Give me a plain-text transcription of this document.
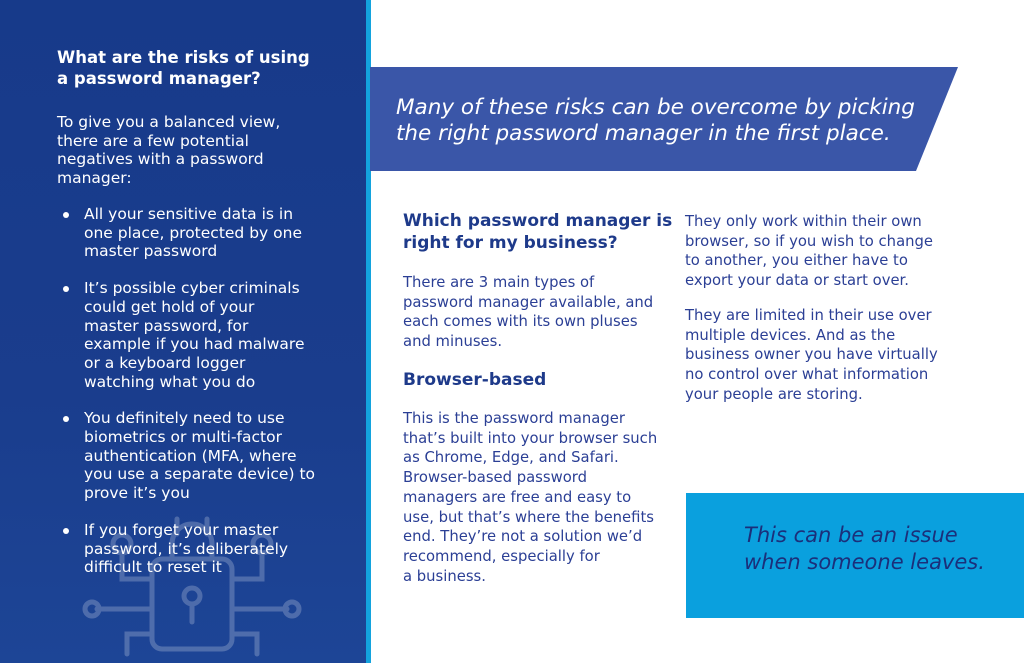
What are the risks of using
a password manager?
To give you a balanced view,
there are a few potential
negatives with a password
manager:
All your sensitive data is in
one place, protected by one
master password
It’s possible cyber criminals
could get hold of your
master password, for
example if you had malware
or a keyboard logger
watching what you do
You definitely need to use
biometrics or multi-factor
authentication (MFA, where
you use a separate device) to
prove it’s you
If you forget your master
password, it’s deliberately
difficult to reset it
Many of these risks can be overcome by picking
the right password manager in the first place.
Which password manager is
right for my business?
There are 3 main types of
password manager available, and
each comes with its own pluses
and minuses.
Browser-based
This is the password manager
that’s built into your browser such
as Chrome, Edge, and Safari.
Browser-based password
managers are free and easy to
use, but that’s where the benefits
end. They’re not a solution we’d
recommend, especially for
a business.
They only work within their own
browser, so if you wish to change
to another, you either have to
export your data or start over.
They are limited in their use over
multiple devices. And as the
business owner you have virtually
no control over what information
your people are storing.
This can be an issue
when someone leaves.
